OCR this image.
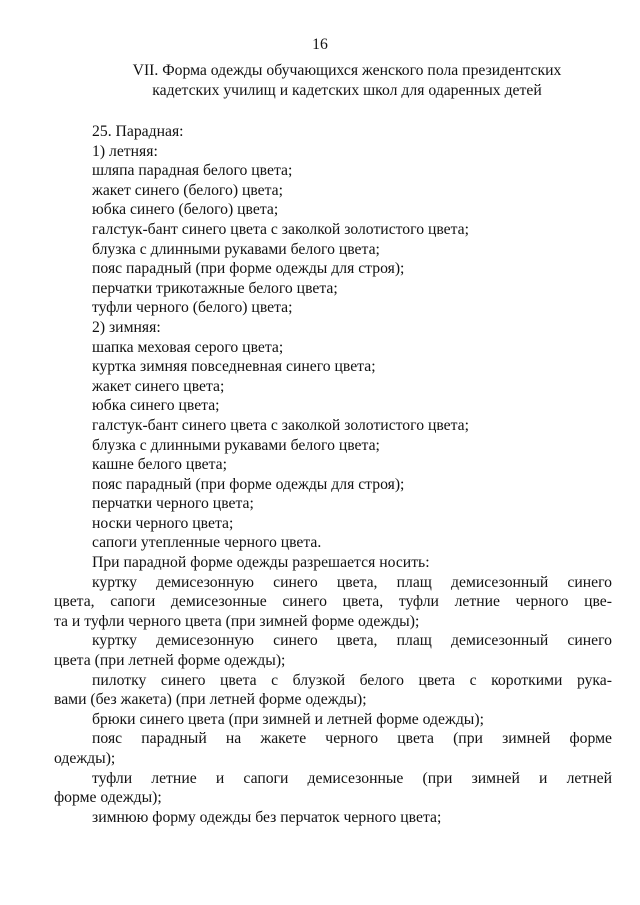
16
VII. Форма одежды обучающихся женского пола президентских
кадетских училищ и кадетских школ для одаренных детей
25. Парадная:
1) летняя:
шляпа парадная белого цвета;
жакет синего (белого) цвета;
юбка синего (белого) цвета;
галстук-бант синего цвета с заколкой золотистого цвета;
блузка с длинными рукавами белого цвета;
пояс парадный (при форме одежды для строя);
перчатки трикотажные белого цвета;
туфли черного (белого) цвета;
2) зимняя:
шапка меховая серого цвета;
куртка зимняя повседневная синего цвета;
жакет синего цвета;
юбка синего цвета;
галстук-бант синего цвета с заколкой золотистого цвета;
блузка с длинными рукавами белого цвета;
кашне белого цвета;
пояс парадный (при форме одежды для строя);
перчатки черного цвета;
носки черного цвета;
сапоги утепленные черного цвета.
При парадной форме одежды разрешается носить:
куртку демисезонную синего цвета, плащ демисезонный синего
цвета, сапоги демисезонные синего цвета, туфли летние черного цве-
та и туфли черного цвета (при зимней форме одежды);
куртку демисезонную синего цвета, плащ демисезонный синего
цвета (при летней форме одежды);
пилотку синего цвета с блузкой белого цвета с короткими рука-
вами (без жакета) (при летней форме одежды);
брюки синего цвета (при зимней и летней форме одежды);
пояс парадный на жакете черного цвета (при зимней форме
одежды);
туфли летние и сапоги демисезонные (при зимней и летней
форме одежды);
зимнюю форму одежды без перчаток черного цвета;
